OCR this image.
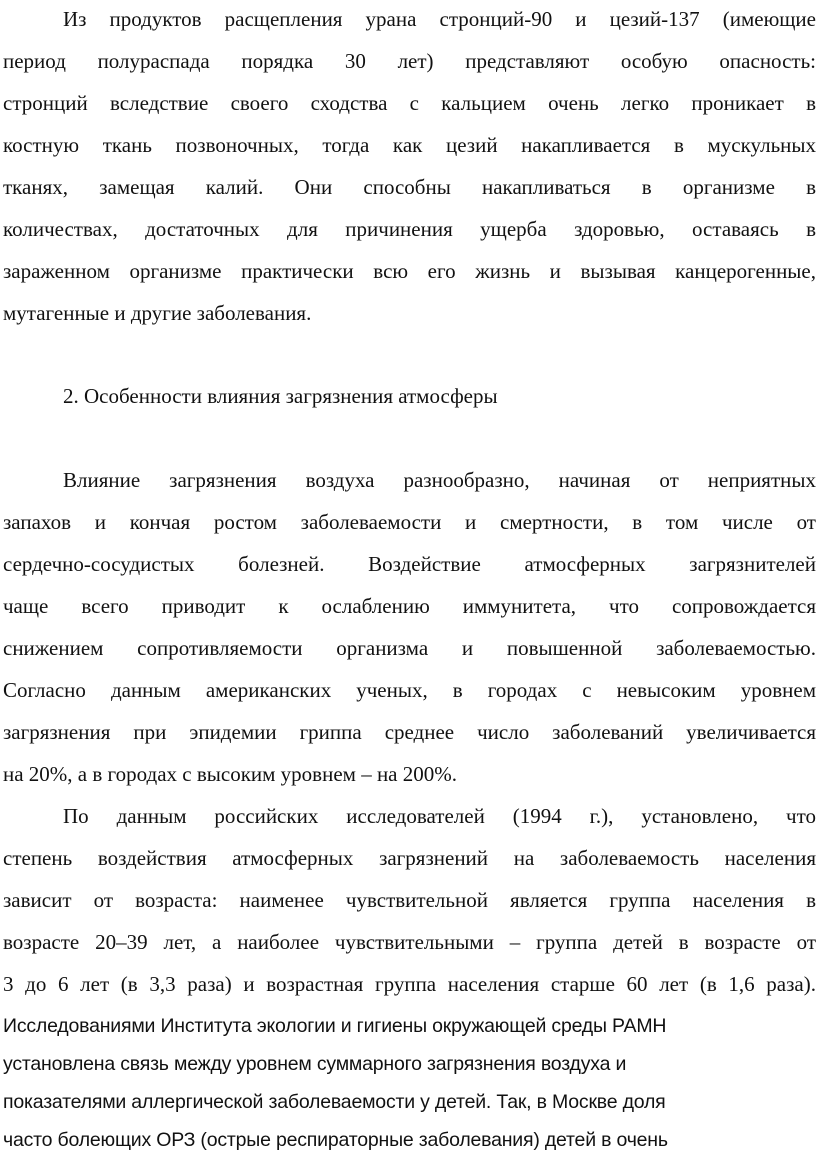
Из продуктов расщепления урана стронций-90 и цезий-137 (имеющие
период полураспада порядка 30 лет) представляют особую опасность:
стронций вследствие своего сходства с кальцием очень легко проникает в
костную ткань позвоночных, тогда как цезий накапливается в мускульных
тканях, замещая калий. Они способны накапливаться в организме в
количествах, достаточных для причинения ущерба здоровью, оставаясь в
зараженном организме практически всю его жизнь и вызывая канцерогенные,
мутагенные и другие заболевания.
2. Особенности влияния загрязнения атмосферы
Влияние загрязнения воздуха разнообразно, начиная от неприятных
запахов и кончая ростом заболеваемости и смертности, в том числе от
сердечно-сосудистых болезней. Воздействие атмосферных загрязнителей
чаще всего приводит к ослаблению иммунитета, что сопровождается
снижением сопротивляемости организма и повышенной заболеваемостью.
Согласно данным американских ученых, в городах с невысоким уровнем
загрязнения при эпидемии гриппа среднее число заболеваний увеличивается
на 20%, а в городах с высоким уровнем – на 200%.
По данным российских исследователей (1994 г.), установлено, что
степень воздействия атмосферных загрязнений на заболеваемость населения
зависит от возраста: наименее чувствительной является группа населения в
возрасте 20–39 лет, а наиболее чувствительными – группа детей в возрасте от
3 до 6 лет (в 3,3 раза) и возрастная группа населения старше 60 лет (в 1,6 раза).
Исследованиями Института экологии и гигиены окружающей среды РАМН
установлена связь между уровнем суммарного загрязнения воздуха и
показателями аллергической заболеваемости у детей. Так, в Москве доля
часто болеющих ОРЗ (острые респираторные заболевания) детей в очень
